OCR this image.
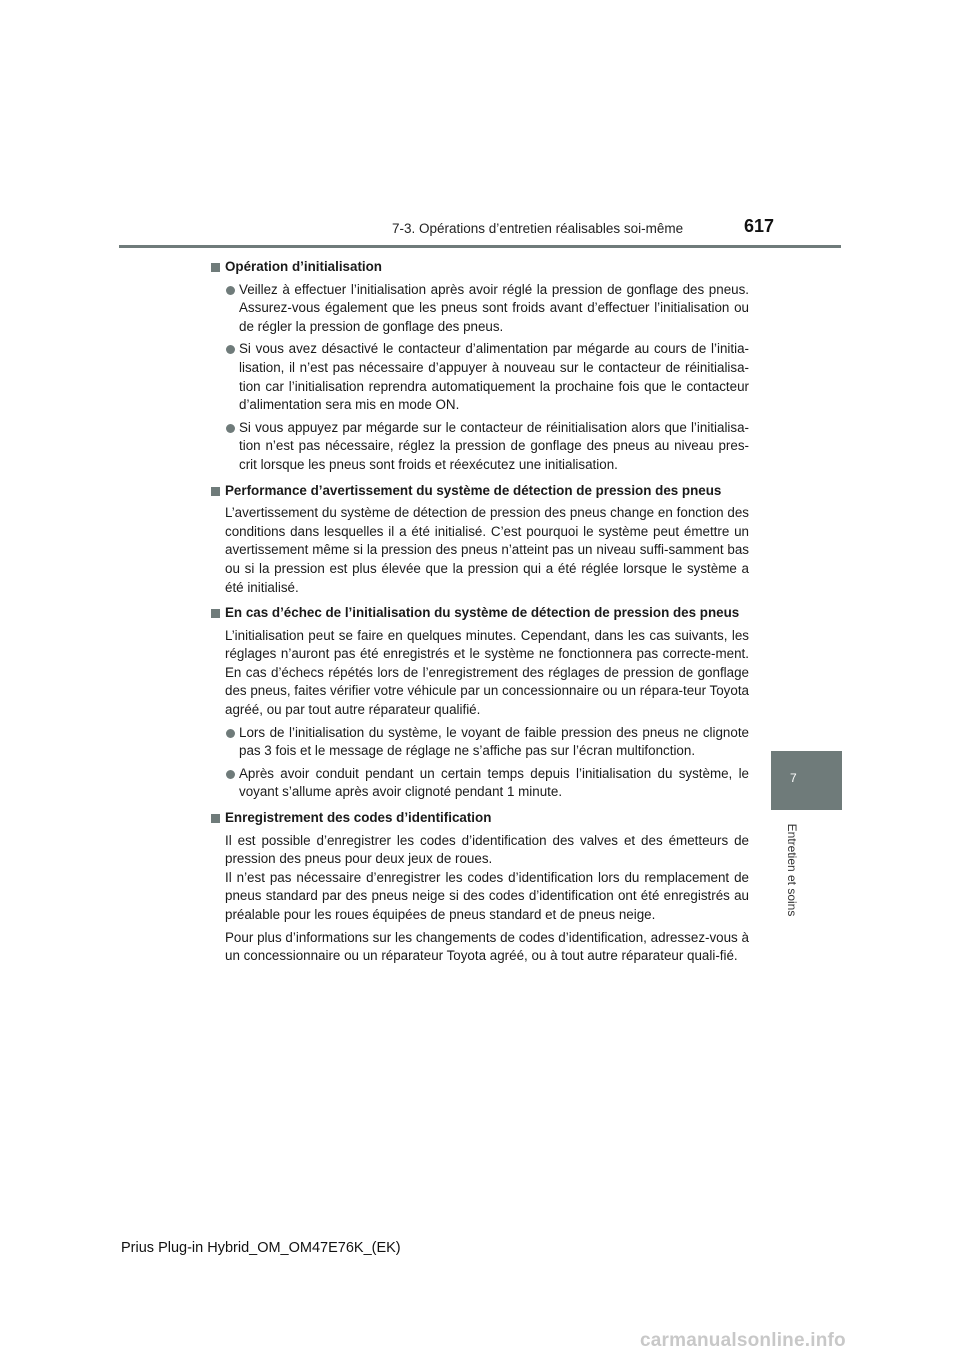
7-3. Opérations d’entretien réalisables soi-même	617
7
Entretien et soins
Opération d’initialisation
Veillez à effectuer l’initialisation après avoir réglé la pression de gonflage des pneus. Assurez-vous également que les pneus sont froids avant d’effectuer l’initialisation ou de régler la pression de gonflage des pneus.
Si vous avez désactivé le contacteur d’alimentation par mégarde au cours de l’initia-lisation, il n’est pas nécessaire d’appuyer à nouveau sur le contacteur de réinitialisa-tion car l’initialisation reprendra automatiquement la prochaine fois que le contacteur d’alimentation sera mis en mode ON.
Si vous appuyez par mégarde sur le contacteur de réinitialisation alors que l’initialisa-tion n’est pas nécessaire, réglez la pression de gonflage des pneus au niveau pres-crit lorsque les pneus sont froids et réexécutez une initialisation.
Performance d’avertissement du système de détection de pression des pneus
L’avertissement du système de détection de pression des pneus change en fonction des conditions dans lesquelles il a été initialisé. C’est pourquoi le système peut émettre un avertissement même si la pression des pneus n’atteint pas un niveau suffi-samment bas ou si la pression est plus élevée que la pression qui a été réglée lorsque le système a été initialisé.
En cas d’échec de l’initialisation du système de détection de pression des pneus
L’initialisation peut se faire en quelques minutes. Cependant, dans les cas suivants, les réglages n’auront pas été enregistrés et le système ne fonctionnera pas correcte-ment. En cas d’échecs répétés lors de l’enregistrement des réglages de pression de gonflage des pneus, faites vérifier votre véhicule par un concessionnaire ou un répara-teur Toyota agréé, ou par tout autre réparateur qualifié.
Lors de l’initialisation du système, le voyant de faible pression des pneus ne clignote pas 3 fois et le message de réglage ne s’affiche pas sur l’écran multifonction.
Après avoir conduit pendant un certain temps depuis l’initialisation du système, le voyant s’allume après avoir clignoté pendant 1 minute.
Enregistrement des codes d’identification
Il est possible d’enregistrer les codes d’identification des valves et des émetteurs de pression des pneus pour deux jeux de roues.
Il n’est pas nécessaire d’enregistrer les codes d’identification lors du remplacement de pneus standard par des pneus neige si des codes d’identification ont été enregistrés au préalable pour les roues équipées de pneus standard et de pneus neige.
Pour plus d’informations sur les changements de codes d’identification, adressez-vous à un concessionnaire ou un réparateur Toyota agréé, ou à tout autre réparateur quali-fié.
Prius Plug-in Hybrid_OM_OM47E76K_(EK)
carmanualsonline.info
